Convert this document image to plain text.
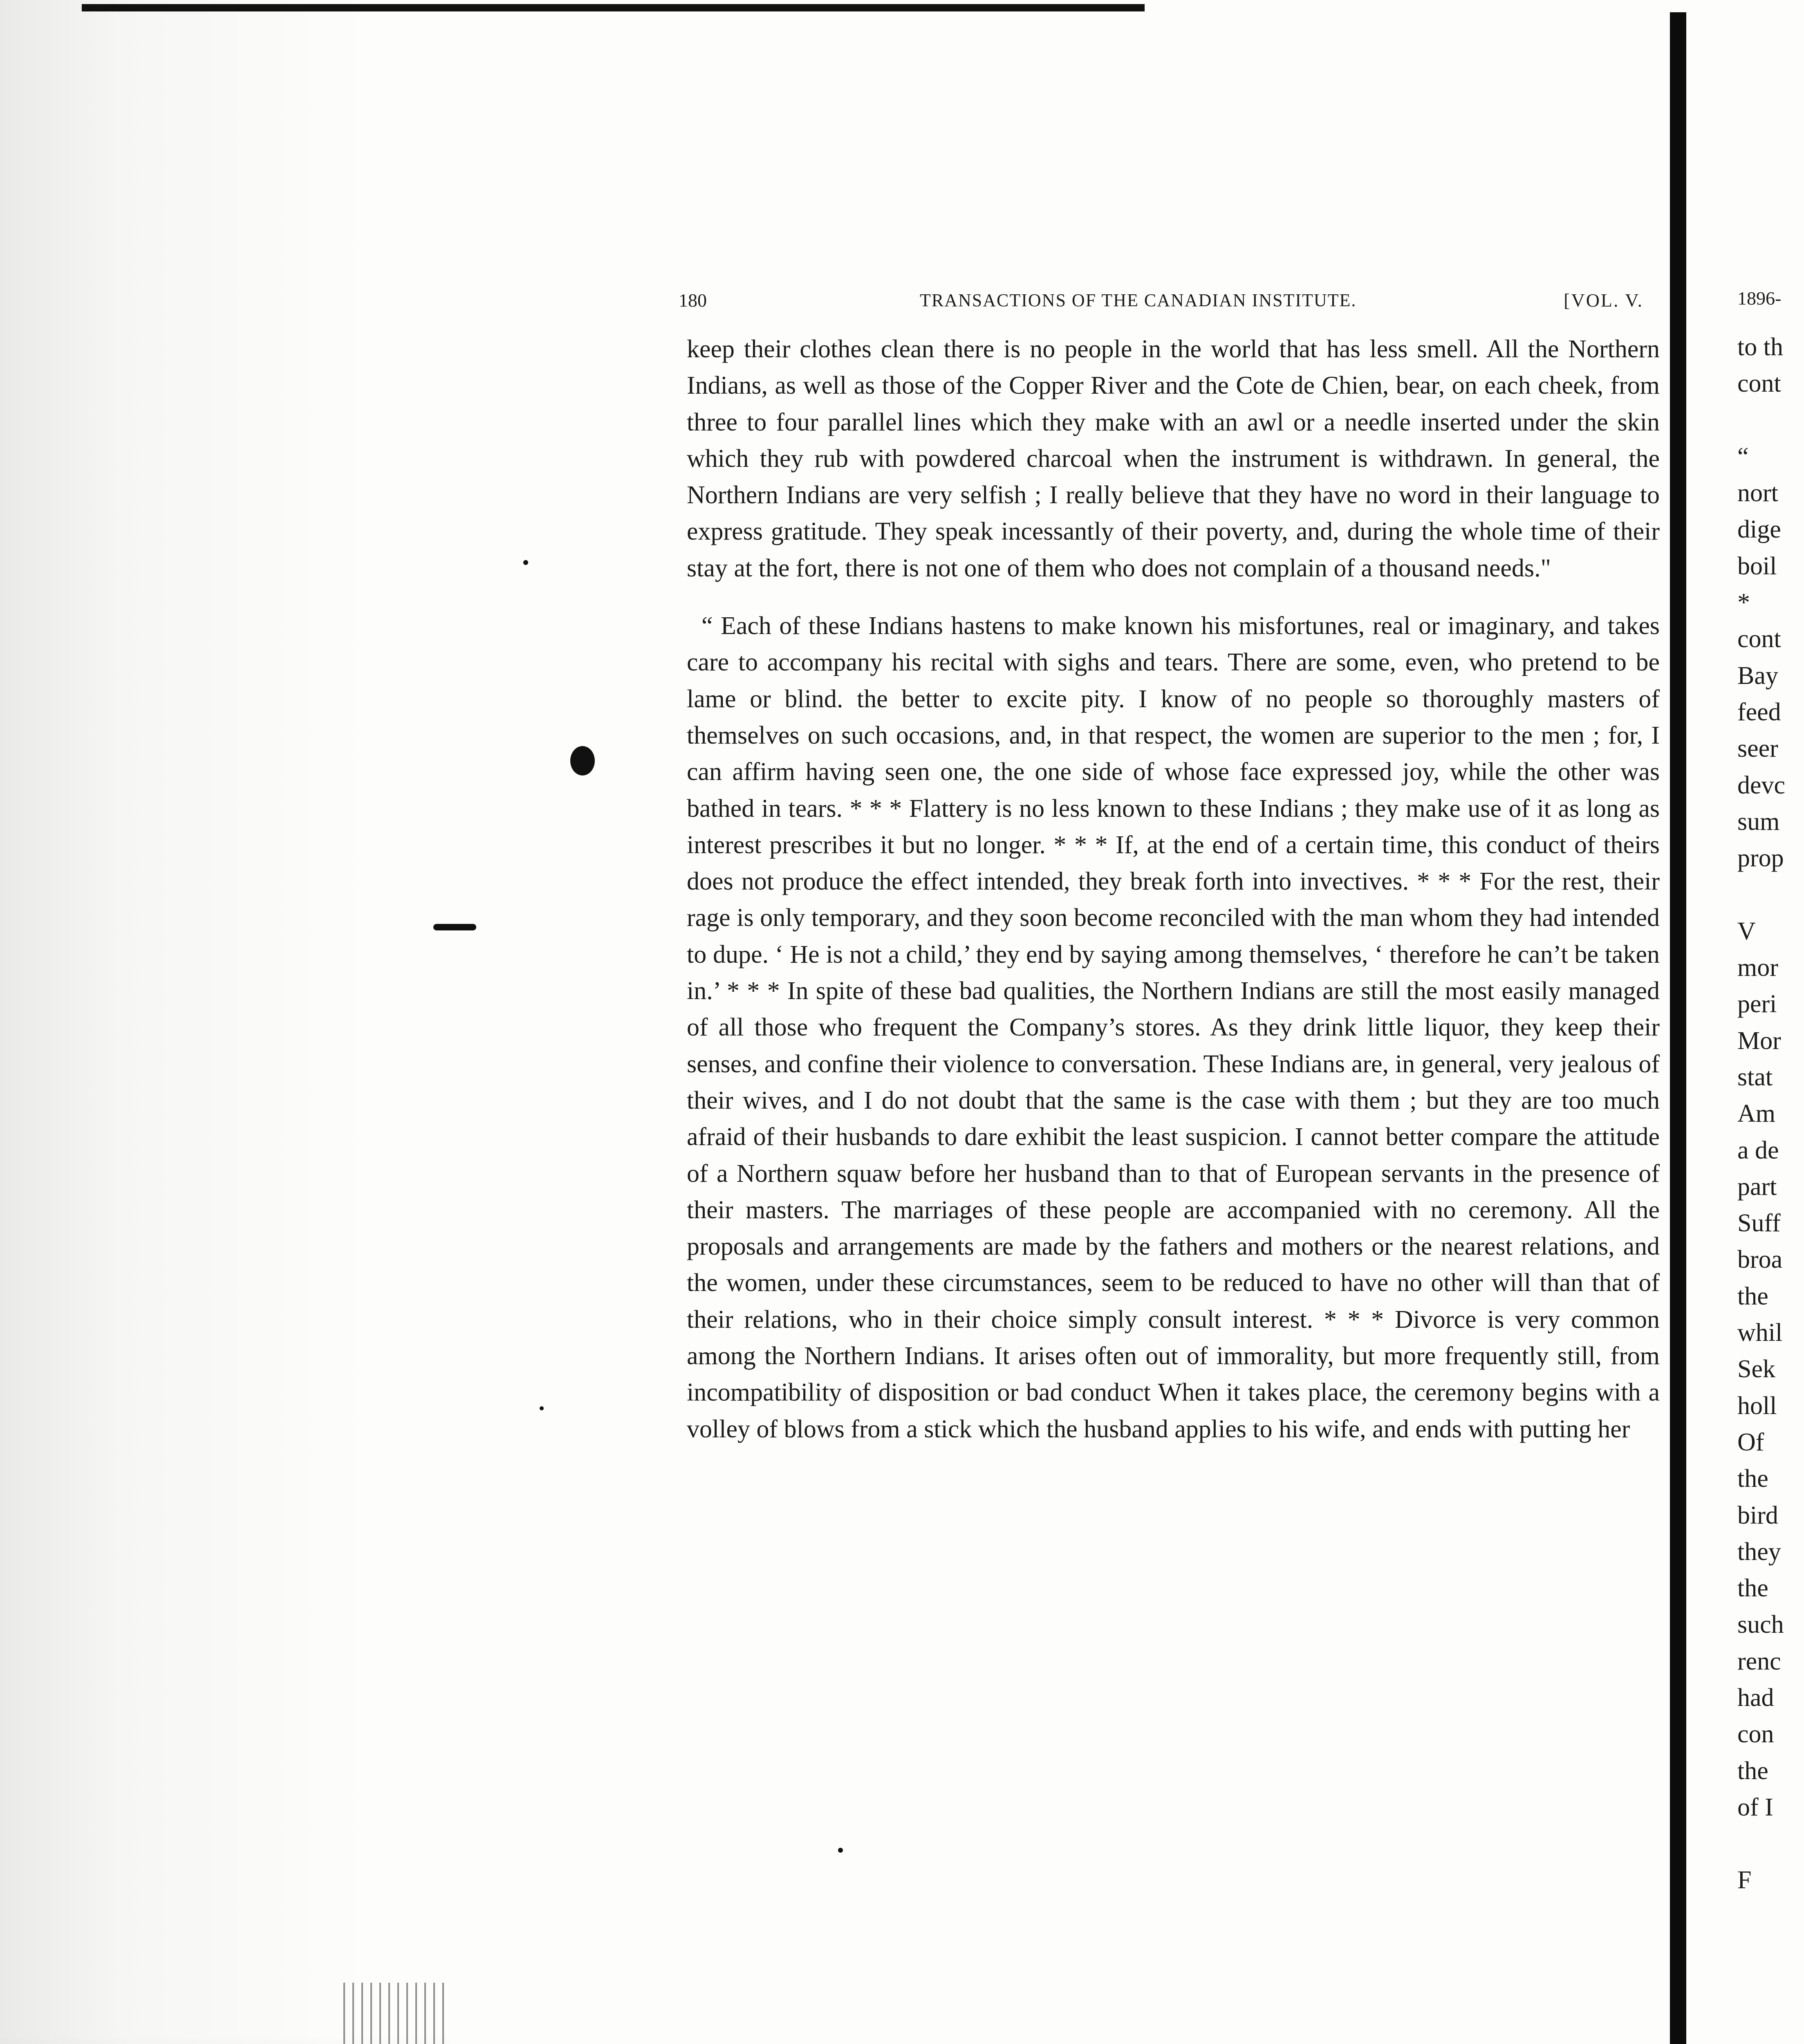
180	TRANSACTIONS OF THE CANADIAN INSTITUTE.	[VOL. V.

keep their clothes clean there is no people in the world that has less smell. All the Northern Indians, as well as those of the Copper River and the Cote de Chien, bear, on each cheek, from three to four parallel lines which they make with an awl or a needle inserted under the skin which they rub with powdered charcoal when the instrument is withdrawn. In general, the Northern Indians are very selfish ; I really believe that they have no word in their language to express gratitude. They speak incessantly of their poverty, and, during the whole time of their stay at the fort, there is not one of them who does not complain of a thousand needs."

“ Each of these Indians hastens to make known his misfortunes, real or imaginary, and takes care to accompany his recital with sighs and tears. There are some, even, who pretend to be lame or blind. the better to excite pity. I know of no people so thoroughly masters of themselves on such occasions, and, in that respect, the women are superior to the men ; for, I can affirm having seen one, the one side of whose face expressed joy, while the other was bathed in tears. * * * Flattery is no less known to these Indians ; they make use of it as long as interest prescribes it but no longer. * * * If, at the end of a certain time, this conduct of theirs does not produce the effect intended, they break forth into invectives. * * * For the rest, their rage is only temporary, and they soon become reconciled with the man whom they had intended to dupe. ‘ He is not a child,’ they end by saying among themselves, ‘ therefore he can’t be taken in.’ * * * In spite of these bad qualities, the Northern Indians are still the most easily managed of all those who frequent the Company’s stores. As they drink little liquor, they keep their senses, and confine their violence to conversation. These Indians are, in general, very jealous of their wives, and I do not doubt that the same is the case with them ; but they are too much afraid of their husbands to dare exhibit the least suspicion. I cannot better compare the attitude of a Northern squaw before her husband than to that of European servants in the presence of their masters. The marriages of these people are accompanied with no ceremony. All the proposals and arrangements are made by the fathers and mothers or the nearest relations, and the women, under these circumstances, seem to be reduced to have no other will than that of their relations, who in their choice simply consult interest. * * * Divorce is very common among the Northern Indians. It arises often out of immorality, but more frequently still, from incompatibility of disposition or bad conduct When it takes place, the ceremony begins with a volley of blows from a stick which the husband applies to his wife, and ends with putting her

1896-
to th
cont
“
nort
dige
boil
*
cont
Bay
feed
seer
devc
sum
prop
V
mor
peri
Mor
stat
Am
a de
part
Suff
broa
the
whil
Sek
holl
Of
the
bird
they
the
such
renc
had
con
the
of I
F
